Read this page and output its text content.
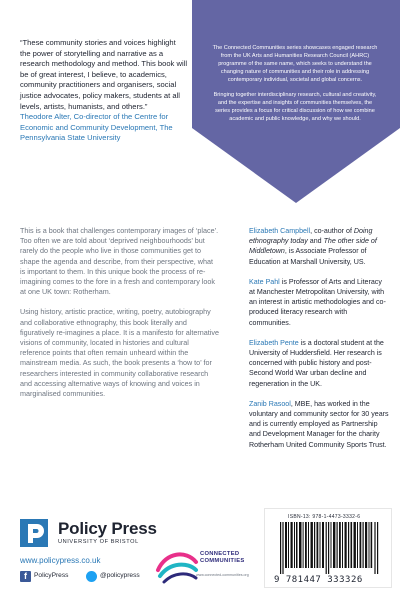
“These community stories and voices highlight the power of storytelling and narrative as a research methodology and method. This book will be of great interest, I believe, to academics, community practitioners and organisers, social justice advocates, policy makers, students at all levels, artists, humanists, and others.”
Theodore Alter, Co-director of the Centre for Economic and Community Development, The Pennsylvania State University

The Connected Communities series showcases engaged research from the UK Arts and Humanities Research Council (AHRC) programme of the same name, which seeks to understand the changing nature of communities and their role in addressing contemporary individual, societal and global concerns.

Bringing together interdisciplinary research, cultural and creativity, and the expertise and insights of communities themselves, the series provides a focus for critical discussion of how we combine academic and public knowledge, and why we should.

This is a book that challenges contemporary images of ‘place’. Too often we are told about ‘deprived neighbourhoods’ but rarely do the people who live in those communities get to shape the agenda and describe, from their perspective, what is important to them. In this unique book the process of re-imagining comes to the fore in a fresh and contemporary look at one UK town: Rotherham.

Using history, artistic practice, writing, poetry, autobiography and collaborative ethnography, this book literally and figuratively re-imagines a place. It is a manifesto for alternative visions of community, located in histories and cultural reference points that often remain unheard within the mainstream media. As such, the book presents a ‘how to’ for researchers interested in community collaborative research and accessing alternative ways of knowing and voices in marginalised communities.

Elizabeth Campbell, co-author of Doing ethnography today and The other side of Middletown, is Associate Professor of Education at Marshall University, US.
Kate Pahl is Professor of Arts and Literacy at Manchester Metropolitan University, with an interest in artistic methodologies and co-produced literacy research with communities.
Elizabeth Pente is a doctoral student at the University of Huddersfield. Her research is concerned with public history and post-Second World War urban decline and regeneration in the UK.
Zanib Rasool, MBE, has worked in the voluntary and community sector for 30 years and is currently employed as Partnership and Development Manager for the charity Rotherham United Community Sports Trust.
Policy Press
UNIVERSITY OF BRISTOL
www.policypress.co.uk
f	PolicyPress	@policypress
CONNECTED
COMMUNITIES
www.connected-communities.org
ISBN-13: 978-1-4473-3332-6
9 781447 333326
